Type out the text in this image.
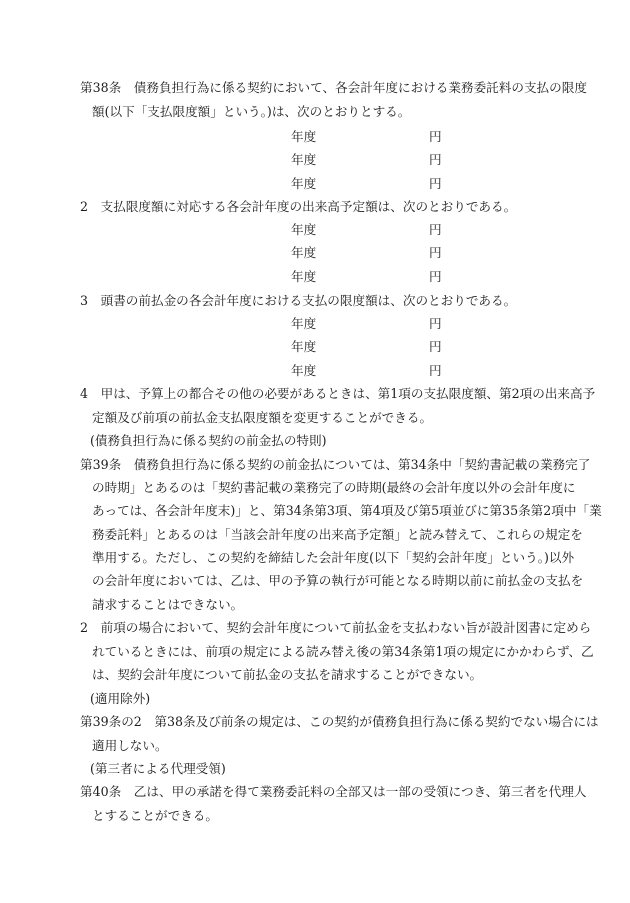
第38条　債務負担行為に係る契約において、各会計年度における業務委託料の支払の限度
額(以下「支払限度額」という。)は、次のとおりとする。
年度	円
年度	円
年度	円
2　支払限度額に対応する各会計年度の出来高予定額は、次のとおりである。
年度	円
年度	円
年度	円
3　頭書の前払金の各会計年度における支払の限度額は、次のとおりである。
年度	円
年度	円
年度	円
4　甲は、予算上の都合その他の必要があるときは、第1項の支払限度額、第2項の出来高予
定額及び前項の前払金支払限度額を変更することができる。
(債務負担行為に係る契約の前金払の特則)
第39条　債務負担行為に係る契約の前金払については、第34条中「契約書記載の業務完了
の時期」とあるのは「契約書記載の業務完了の時期(最終の会計年度以外の会計年度に
あっては、各会計年度末)」と、第34条第3項、第4項及び第5項並びに第35条第2項中「業
務委託料」とあるのは「当該会計年度の出来高予定額」と読み替えて、これらの規定を
準用する。ただし、この契約を締結した会計年度(以下「契約会計年度」という。)以外
の会計年度においては、乙は、甲の予算の執行が可能となる時期以前に前払金の支払を
請求することはできない。
2　前項の場合において、契約会計年度について前払金を支払わない旨が設計図書に定めら
れているときには、前項の規定による読み替え後の第34条第1項の規定にかかわらず、乙
は、契約会計年度について前払金の支払を請求することができない。
(適用除外)
第39条の2　第38条及び前条の規定は、この契約が債務負担行為に係る契約でない場合には
適用しない。
(第三者による代理受領)
第40条　乙は、甲の承諾を得て業務委託料の全部又は一部の受領につき、第三者を代理人
とすることができる。
